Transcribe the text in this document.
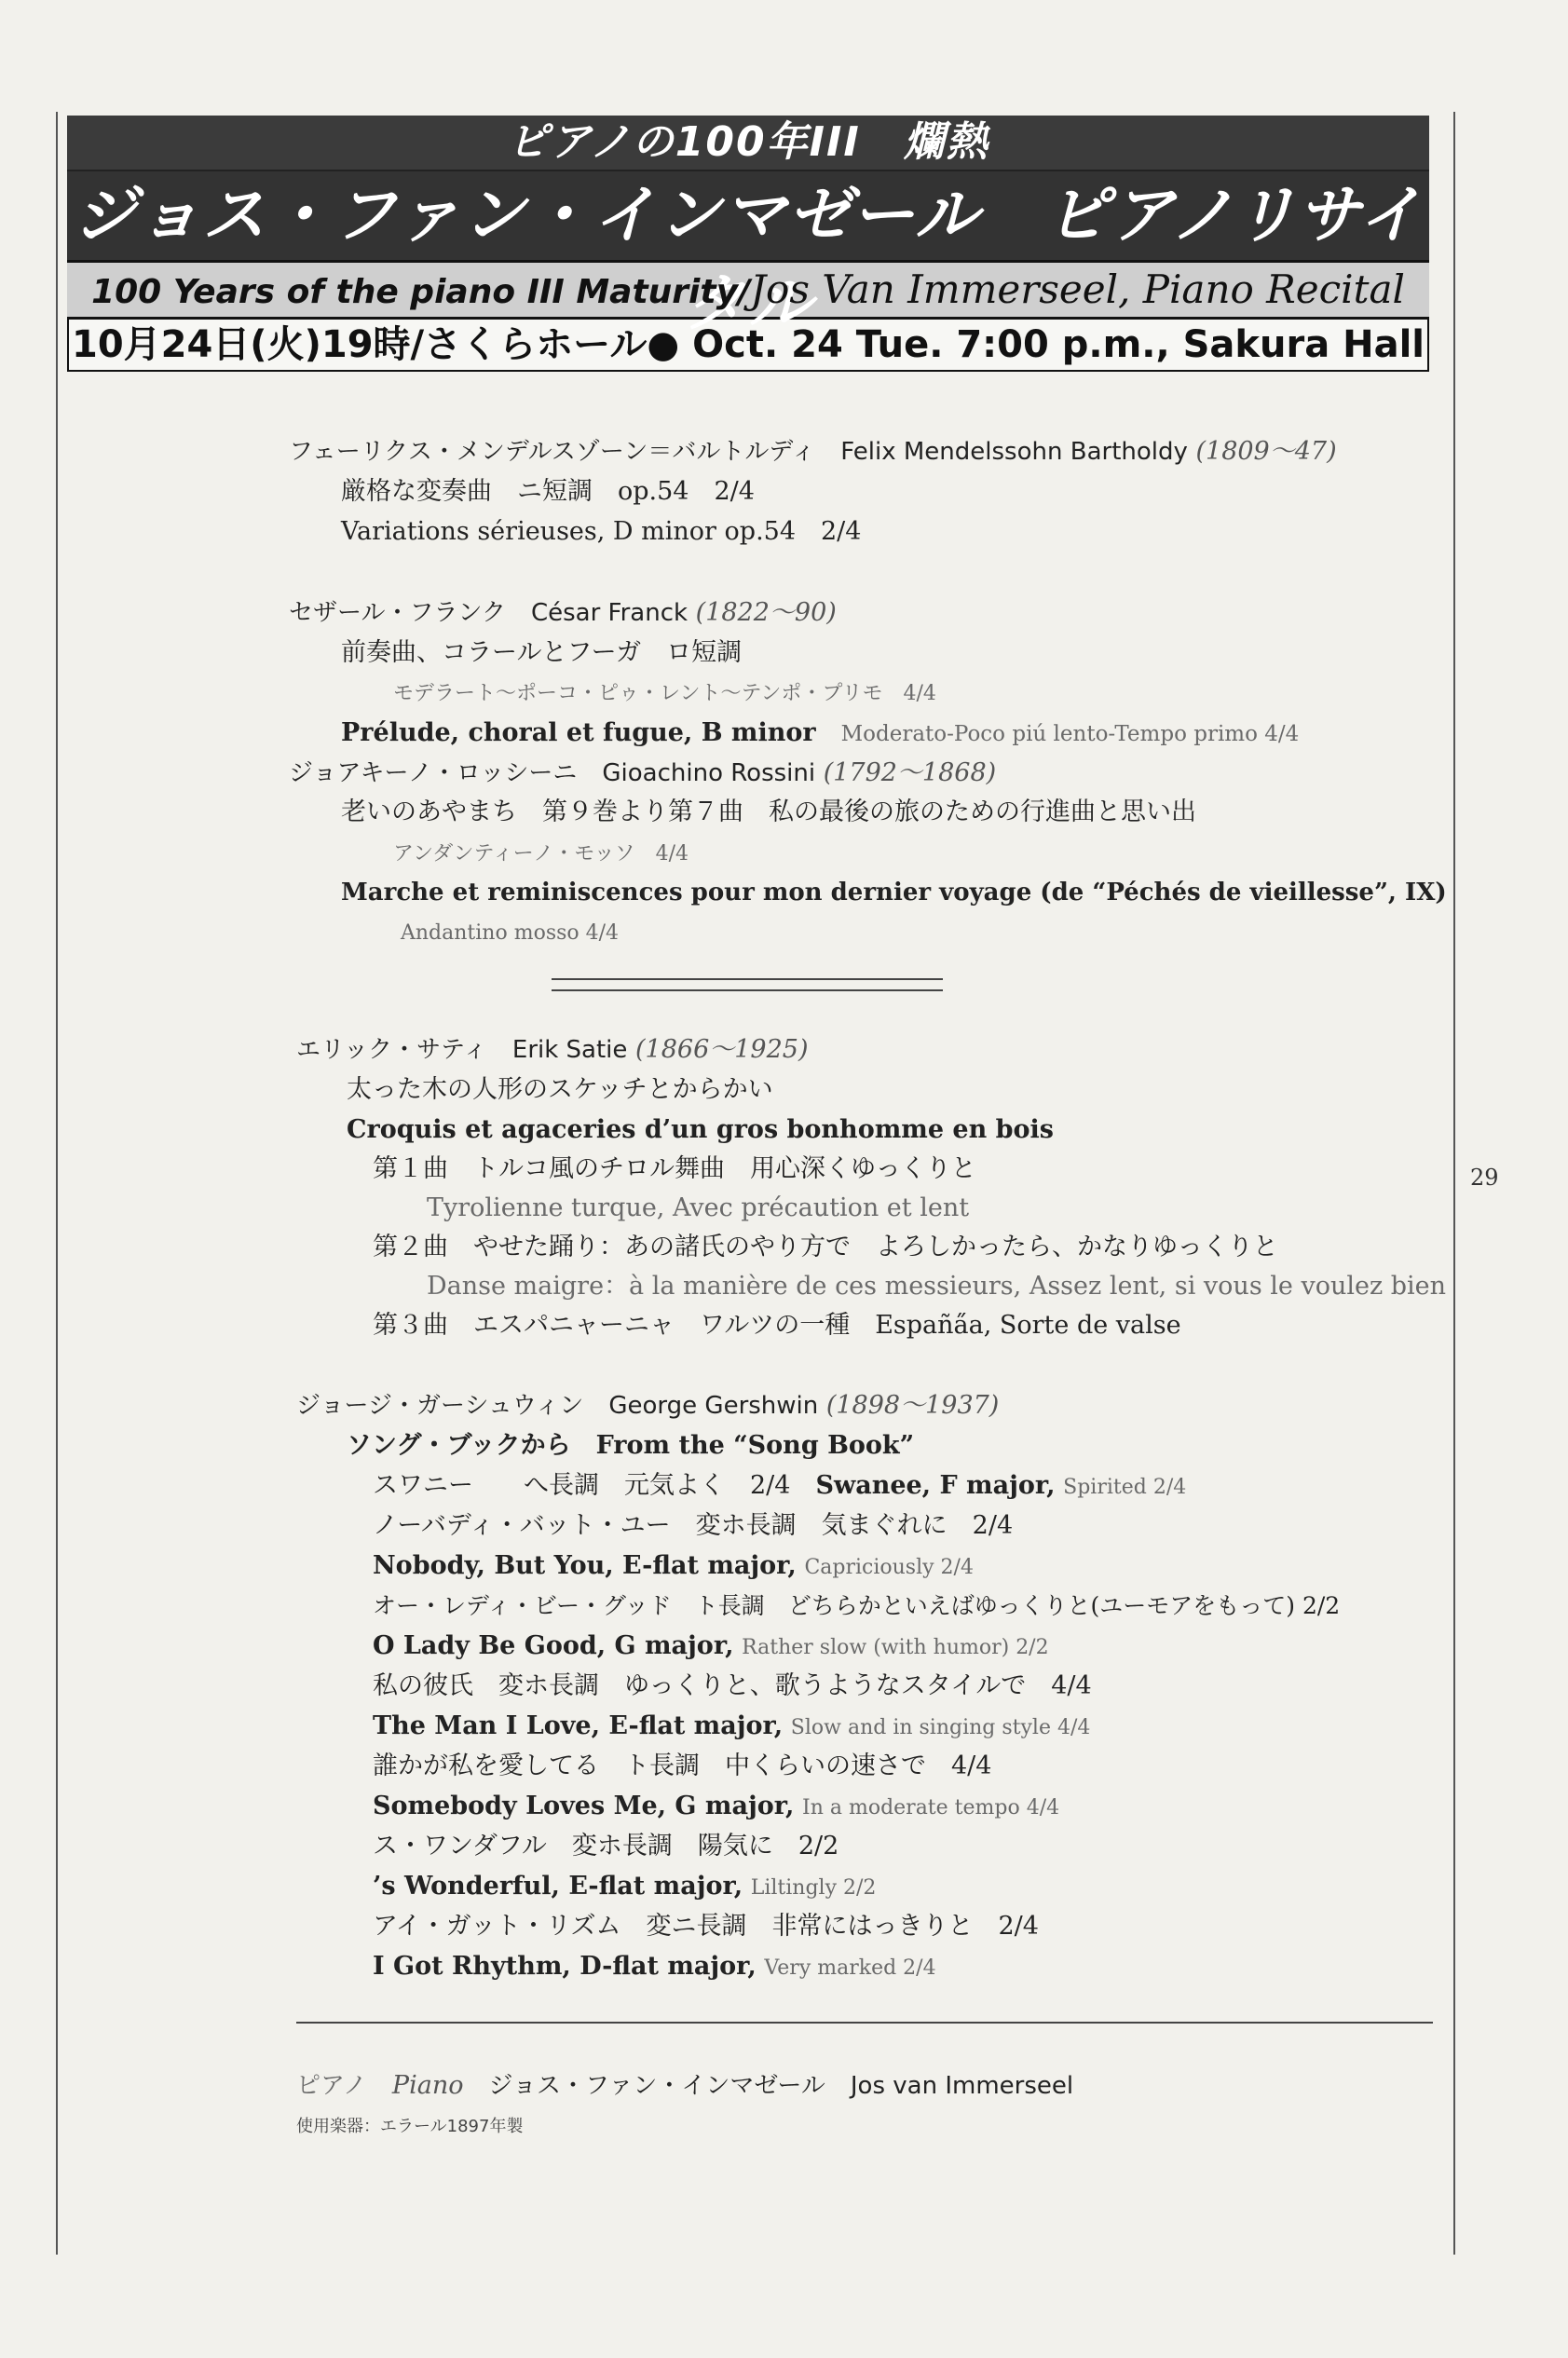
ピアノの100年III　爛熱
ジョス・ファン・インマゼール　ピアノリサイ
100 Years of the piano III Maturity/Jos Van Immerseel, Piano Recital
10月24日(火)19時/さくらホール● Oct. 24 Tue. 7:00 p.m., Sakura Hall
フェーリクス・メンデルスゾーン＝バルトルディ　 Felix Mendelssohn Bartholdy (1809～47)
厳格な変奏曲　ニ短調　op.54　2/4
Variations sérieuses, D minor op.54　2/4
セザール・フランク　 César Franck (1822～90)
前奏曲、コラールとフーガ　ロ短調
モデラート～ポーコ・ピゥ・レント～テンポ・プリモ　4/4
Prélude, choral et fugue, B minor　 Moderato-Poco piú lento-Tempo primo 4/4
ジョアキーノ・ロッシーニ　 Gioachino Rossini (1792～1868)
老いのあやまち　第９巻より第７曲　私の最後の旅のための行進曲と思い出
アンダンティーノ・モッソ　4/4
Marche et reminiscences pour mon dernier voyage (de “Péchés de vieillesse”, IX)
Andantino mosso 4/4
エリック・サティ　 Erik Satie (1866～1925)
太った木の人形のスケッチとからかい
Croquis et agaceries d’un gros bonhomme en bois
第１曲　トルコ風のチロル舞曲　用心深くゆっくりと
Tyrolienne turque, Avec précaution et lent
第２曲　やせた踊り：あの諸氏のやり方で　よろしかったら、かなりゆっくりと
Danse maigre：à la manière de ces messieurs, Assez lent, si vous le voulez bien
第３曲　エスパニャーニャ　ワルツの一種　España̋a, Sorte de valse
ジョージ・ガーシュウィン　 George Gershwin (1898～1937)
ソング・ブックから　From the “Song Book”
スワニー　　へ長調　元気よく　2/4　 Swanee, F major, Spirited 2/4
ノーバディ・バット・ユー　変ホ長調　気まぐれに　2/4
Nobody, But You, E-flat major, Capriciously 2/4
オー・レディ・ビー・グッド　ト長調　どちらかといえばゆっくりと(ユーモアをもって) 2/2
O Lady Be Good, G major, Rather slow (with humor) 2/2
私の彼氏　変ホ長調　ゆっくりと、歌うようなスタイルで　4/4
The Man I Love, E-flat major, Slow and in singing style 4/4
誰かが私を愛してる　ト長調　中くらいの速さで　4/4
Somebody Loves Me, G major, In a moderate tempo 4/4
ス・ワンダフル　変ホ長調　陽気に　2/2
’s Wonderful, E-flat major, Liltingly 2/2
アイ・ガット・リズム　変ニ長調　非常にはっきりと　2/4
I Got Rhythm, D-flat major, Very marked 2/4
ピアノ　 Piano　 ジョス・ファン・インマゼール　 Jos van Immerseel
使用楽器：エラール1897年製
29
